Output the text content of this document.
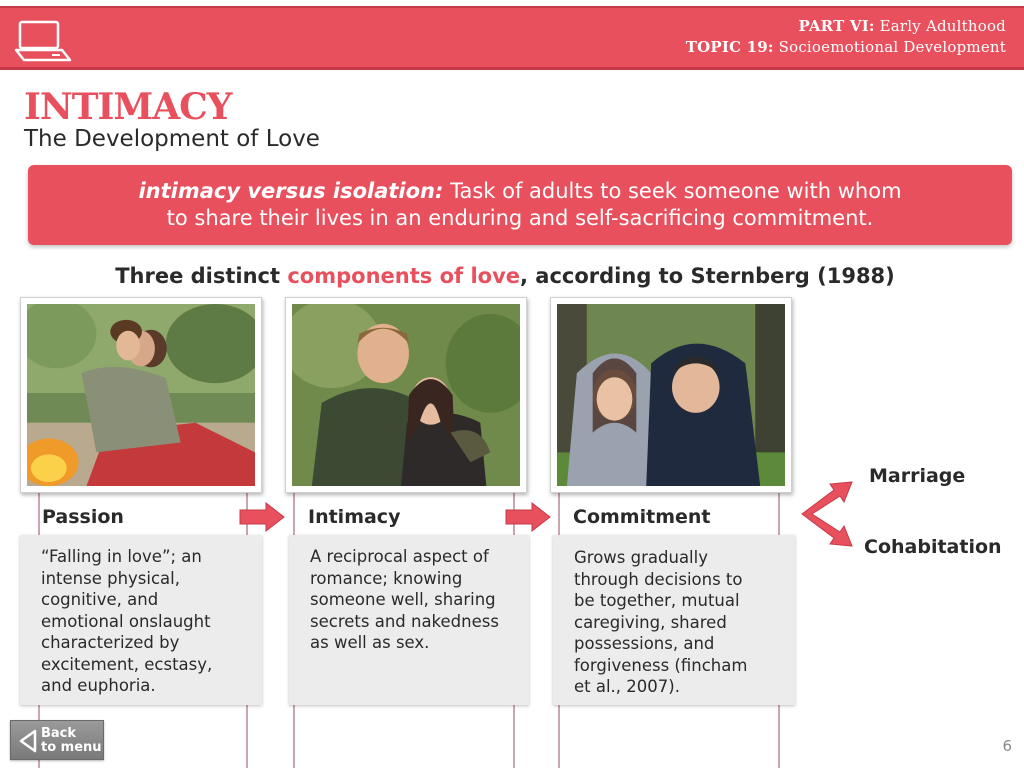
PART VI: Early Adulthood
TOPIC 19: Socioemotional Development
INTIMACY
The Development of Love
intimacy versus isolation: Task of adults to seek someone with whom
to share their lives in an enduring and self-sacrificing commitment.
Three distinct components of love, according to Sternberg (1988)
Passion	Intimacy	Commitment
Marriage
Cohabitation
“Falling in love”; an
intense physical,
cognitive, and
emotional onslaught
characterized by
excitement, ecstasy,
and euphoria.
A reciprocal aspect of
romance; knowing
someone well, sharing
secrets and nakedness
as well as sex.
Grows gradually
through decisions to
be together, mutual
caregiving, shared
possessions, and
forgiveness (fincham
et al., 2007).
Back
to menu	6
